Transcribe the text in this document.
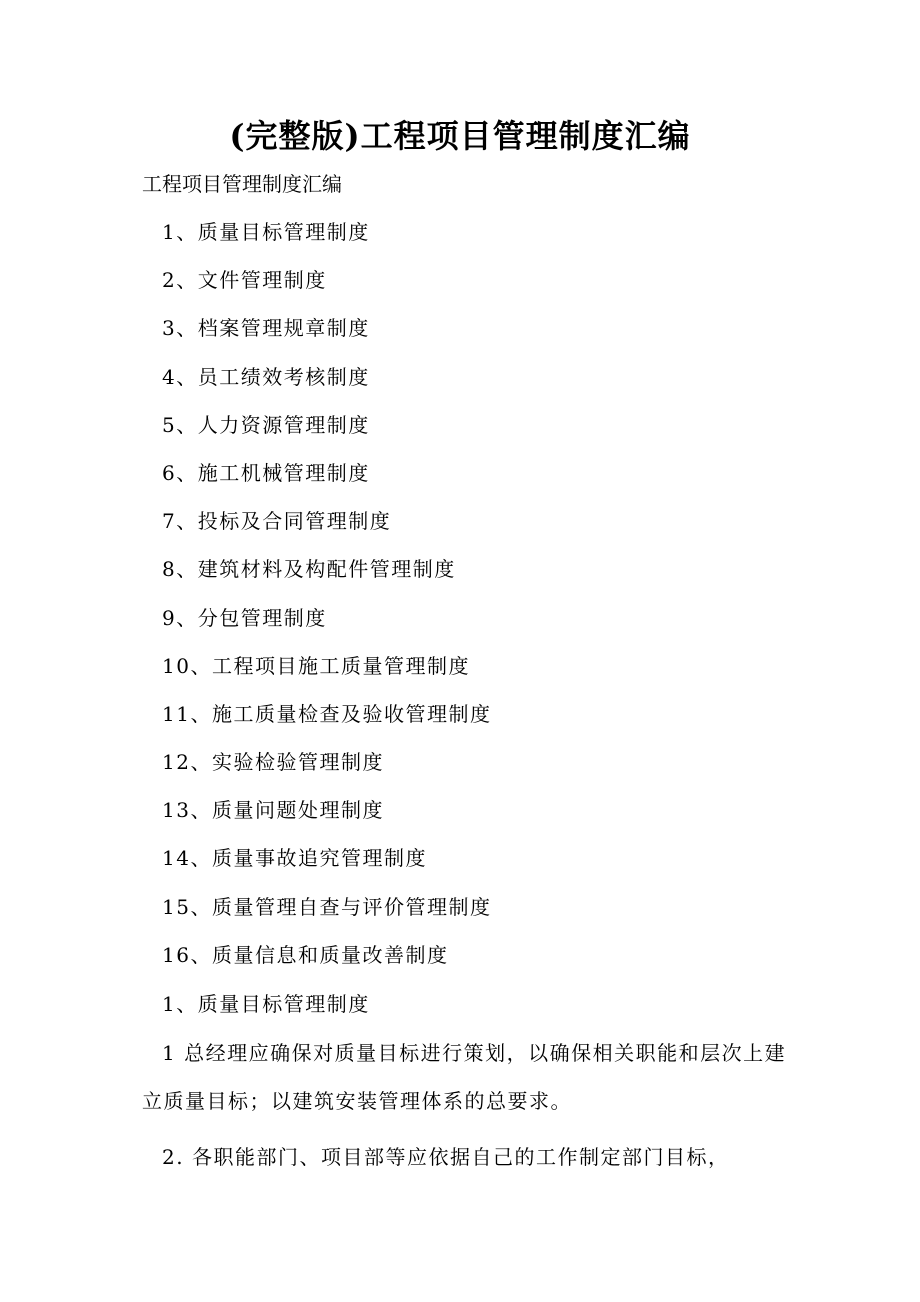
(完整版)工程项目管理制度汇编

工程项目管理制度汇编

1、质量目标管理制度
2、文件管理制度
3、档案管理规章制度
4、员工绩效考核制度
5、人力资源管理制度
6、施工机械管理制度
7、投标及合同管理制度
8、建筑材料及构配件管理制度
9、分包管理制度
10、工程项目施工质量管理制度
11、施工质量检查及验收管理制度
12、实验检验管理制度
13、质量问题处理制度
14、质量事故追究管理制度
15、质量管理自查与评价管理制度
16、质量信息和质量改善制度

1、质量目标管理制度

1 总经理应确保对质量目标进行策划，以确保相关职能和层次上建立质量目标；以建筑安装管理体系的总要求。

2. 各职能部门、项目部等应依据自己的工作制定部门目标，
